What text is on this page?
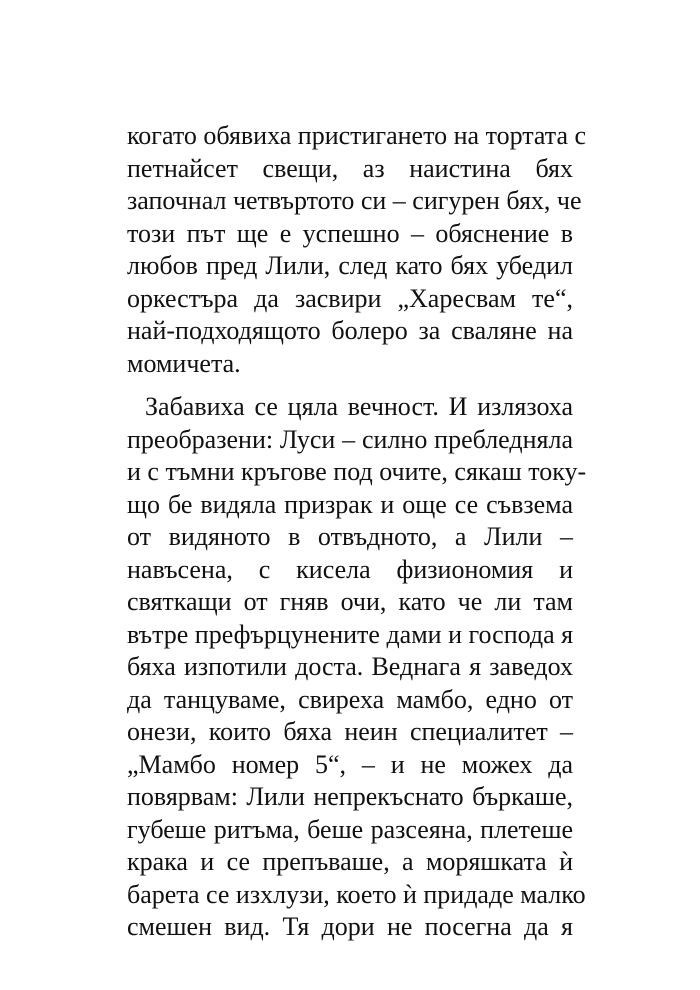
когато обявиха пристигането на тортата с
петнайсет свещи, аз наистина бях
започнал четвъртото си – сигурен бях, че
този път ще е успешно – обяснение в
любов пред Лили, след като бях убедил
оркестъра да засвири „Харесвам те“,
най-подходящото болеро за сваляне на
момичета.
Забавиха се цяла вечност. И излязоха
преобразени: Луси – силно пребледняла
и с тъмни кръгове под очите, сякаш току-
що бе видяла призрак и още се съвзема
от видяното в отвъдното, а Лили –
навъсена, с кисела физиономия и
святкащи от гняв очи, като че ли там
вътре префърцунените дами и господа я
бяха изпотили доста. Веднага я заведох
да танцуваме, свиреха мамбо, едно от
онези, които бяха неин специалитет –
„Мамбо номер 5“, – и не можех да
повярвам: Лили непрекъснато бъркаше,
губеше ритъма, беше разсеяна, плетеше
крака и се препъваше, а моряшката ѝ
барета се изхлузи, което ѝ придаде малко
смешен вид. Тя дори не посегна да я
